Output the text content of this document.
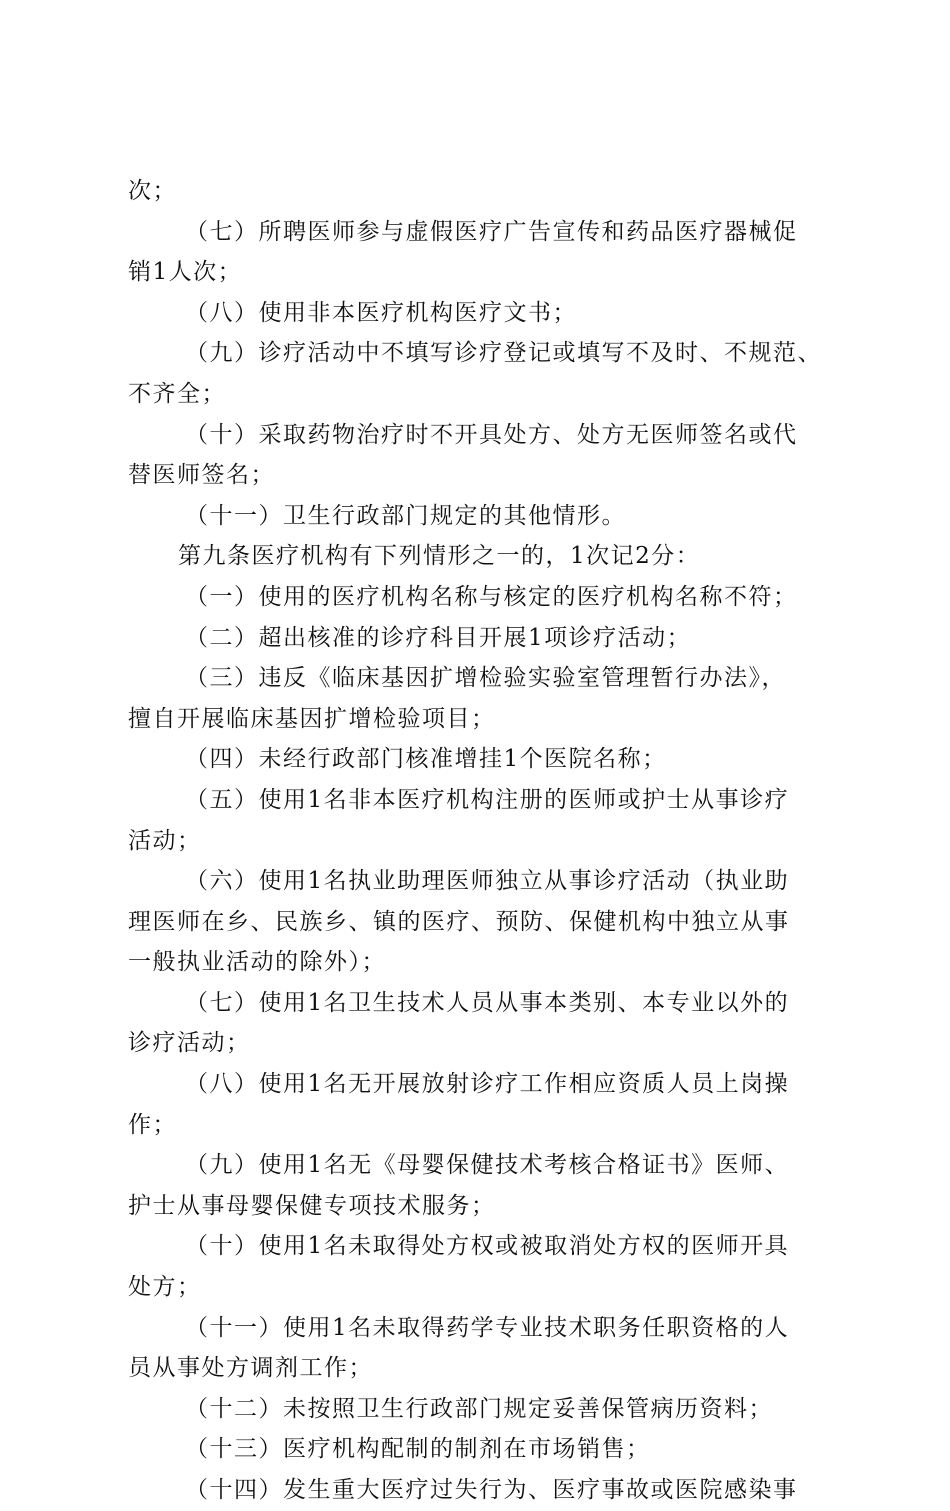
次；
（七）所聘医师参与虚假医疗广告宣传和药品医疗器械促
销1人次；
（八）使用非本医疗机构医疗文书；
（九）诊疗活动中不填写诊疗登记或填写不及时、不规范、
不齐全；
（十）采取药物治疗时不开具处方、处方无医师签名或代
替医师签名；
（十一）卫生行政部门规定的其他情形。
第九条医疗机构有下列情形之一的，1次记2分：
（一）使用的医疗机构名称与核定的医疗机构名称不符；
（二）超出核准的诊疗科目开展1项诊疗活动；
（三）违反《临床基因扩增检验实验室管理暂行办法》，
擅自开展临床基因扩增检验项目；
（四）未经行政部门核准增挂1个医院名称；
（五）使用1名非本医疗机构注册的医师或护士从事诊疗
活动；
（六）使用1名执业助理医师独立从事诊疗活动（执业助
理医师在乡、民族乡、镇的医疗、预防、保健机构中独立从事
一般执业活动的除外）；
（七）使用1名卫生技术人员从事本类别、本专业以外的
诊疗活动；
（八）使用1名无开展放射诊疗工作相应资质人员上岗操
作；
（九）使用1名无《母婴保健技术考核合格证书》医师、
护士从事母婴保健专项技术服务；
（十）使用1名未取得处方权或被取消处方权的医师开具
处方；
（十一）使用1名未取得药学专业技术职务任职资格的人
员从事处方调剂工作；
（十二）未按照卫生行政部门规定妥善保管病历资料；
（十三）医疗机构配制的制剂在市场销售；
（十四）发生重大医疗过失行为、医疗事故或医院感染事
